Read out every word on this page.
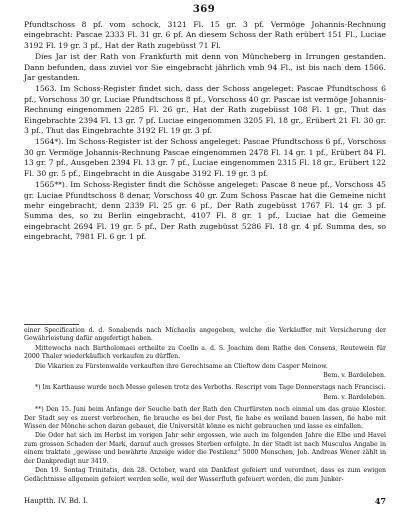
369

Pfundtschoss 8 pf. vom schock, 3121 Fl. 15 gr. 3 pf. Vermöge Johannis-Rechnung eingebracht: Pascae 2333 Fl. 31 gr. 6 pf. An diesem Schoss der Rath erübert 151 Fl., Luciae 3192 Fl. 19 gr. 3 pf., Hat der Rath zugebüsst 71 Fl.

Dies Jar ist der Rath von Frankfurth mit denn von Müncheberg in Irrungen gestanden. Dann befunden, dass zuviel vor Sie eingebracht jährlich vmb 94 Fl., ist bis nach dem 1566. Jar gestanden.

1563. Im Schoss-Register findet sich, dass der Schoss angeleget: Pascae Pfundtschoss 6 pf., Vorschoss 30 gr. Luciae Pfundtschoss 8 pf., Vorschoss 40 gr. Pascae ist vermöge Johannis-Rechnung eingenommen 2285 Fl. 26 gr., Hat der Rath zugebüsst 108 Fl. 1 gr., Thut das Eingebrachte 2394 Fl. 13 gr. 7 pf. Luciae eingenommen 3205 Fl. 18 gr., Erübert 21 Fl. 30 gr. 3 pf., Thut das Eingebrachte 3192 Fl. 19 gr. 3 pf.

1564*). Im Schoss-Register ist der Schoss angeleget: Pascae Pfundtschoss 6 pf., Vorschoss 30 gr. Vermöge Johannis-Rechnung Pascae eingenommen 2478 Fl. 14 gr. 1 pf., Erübert 84 Fl. 13 gr. 7 pf., Ausgeben 2394 Fl. 13 gr. 7 pf., Luciae eingenommen 2315 Fl. 18 gr., Erübert 122 Fl. 30 gr. 5 pf., Eingebracht in die Ausgabe 3192 Fl. 19 gr. 3 pf.

1565**). Im Schoss-Register findt die Schösse angeleget: Pascae 8 neue pf., Vorschoss 45 gr. Luciae Pfundtschoss 8 denar, Vorschoss 40 gr. Zum Schoss Pascae hat die Gemeine nicht mehr eingebracht, denn 2339 Fl. 25 gr. 6 pf., Der Rath zugebüsst 1767 Fl. 14 gr. 3 pf. Summa des, so zu Berlin eingebracht, 4107 Fl. 8 gr. 1 pf., Luciae hat die Gemeine eingebracht 2694 Fl. 19 gr. 5 pf., Der Rath zugebüsst 5286 Fl. 18 gr. 4 pf. Summa des, so eingebracht, 7981 Fl. 6 gr. 1 pf.

einer Specification d. d. Sonabends nach Michaelis angegeben, welche die Verkäuffer mit Versicherung der Gewährleistung dafür angefertigt haben.

Mittewochs nach Bartholomaei ertheilte zu Coelln a. d. S. Joachim dem Rathe den Consens, Reutewein für 2000 Thaler wiederkäuflich verkaufen zu dürffen.

Die Vikarien zu Fürstenwalde verkauften ihre Gerechtsame an Clieftow dem Casper Meinow.

Bem. v. Bardeleben.

*) Im Karthause wurde noch Messe gelesen trotz des Verboths. Rescript vom Tage Donnerstags nach Francisci.

Bem. v. Bardeleben.

**) Den 15. Juni beim Anfange der Seuche bath der Rath den Churfürsten noch einmal um das graue Kloster. Der Stadt sey es zuerst verbrochen, fie brauche es bei der Pest, fie habe es weiland bauen lassen, fie habe mit Wissen der Mönche schon daran gebauet, die Universität könne es nicht gebrauchen und lasse es einfallen.

Die Oder hat sich im Herbst im vorigen Jahr sehr ergossen, wie auch im folgenden Jahre die Elbe und Havel zum grossen Schaden der Mark, darauf auch grosses Sterben erfolgte. In der Stadt ist nach Musculus Angabe in einem traktate „gewisse und bewährte Anzeige wider die Pestilenz“ 5000 Menschen, Joh. Andreas Wener zählt in der Dankpredigt nur 3419.

Den 19. Sontag Trinitatis, den 28. October, ward ein Dankfest gefeiert und verordnet, dass es zum ewigen Gedächtnisse allgemein gefeiert werden solle, weil der Wasserfluth gefeuert worden, die zum Junker-

Hauptth. IV. Bd. I.	47
